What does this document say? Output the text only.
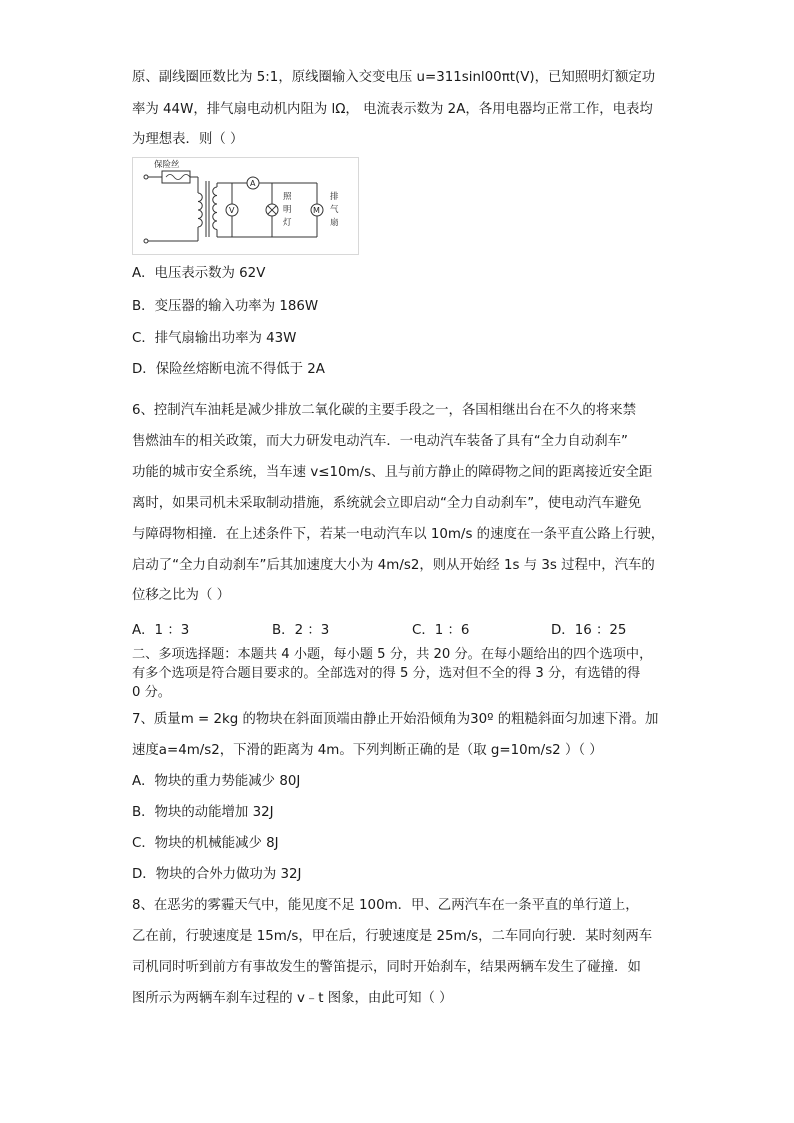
原、副线圈匝数比为 5:1，原线圈输入交变电压 u=311sinl00πt(V)，已知照明灯额定功
率为 44W，排气扇电动机内阻为 lΩ， 电流表示数为 2A，各用电器均正常工作，电表均
为理想表．则（ ）
保险丝
V
A
照
明
灯
M
排
气
扇
A．电压表示数为 62V
B．变压器的输入功率为 186W
C．排气扇输出功率为 43W
D．保险丝熔断电流不得低于 2A
6、控制汽车油耗是减少排放二氧化碳的主要手段之一，各国相继出台在不久的将来禁
售燃油车的相关政策，而大力研发电动汽车．一电动汽车装备了具有“全力自动刹车”
功能的城市安全系统，当车速 v≤10m/s、且与前方静止的障碍物之间的距离接近安全距
离时，如果司机未采取制动措施，系统就会立即启动“全力自动刹车”，使电动汽车避免
与障碍物相撞．在上述条件下，若某一电动汽车以 10m/s 的速度在一条平直公路上行驶，
启动了“全力自动刹车”后其加速度大小为 4m/s2，则从开始经 1s 与 3s 过程中，汽车的
位移之比为（ ）
A．1 ：3	B．2 ：3	C．1 ：6	D．16 ：25
二、多项选择题：本题共 4 小题，每小题 5 分，共 20 分。在每小题给出的四个选项中，
有多个选项是符合题目要求的。全部选对的得 5 分，选对但不全的得 3 分，有选错的得
0 分。
7、质量m = 2kg 的物块在斜面顶端由静止开始沿倾角为30º 的粗糙斜面匀加速下滑。加
速度a=4m/s2，下滑的距离为 4m。下列判断正确的是（取 g=10m/s2 ）（ ）
A．物块的重力势能减少 80J
B．物块的动能增加 32J
C．物块的机械能减少 8J
D．物块的合外力做功为 32J
8、在恶劣的雾霾天气中，能见度不足 100m．甲、乙两汽车在一条平直的单行道上，
乙在前，行驶速度是 15m/s，甲在后，行驶速度是 25m/s，二车同向行驶．某时刻两车
司机同时听到前方有事故发生的警笛提示，同时开始刹车，结果两辆车发生了碰撞．如
图所示为两辆车刹车过程的 v﹣t 图象，由此可知（ ）
